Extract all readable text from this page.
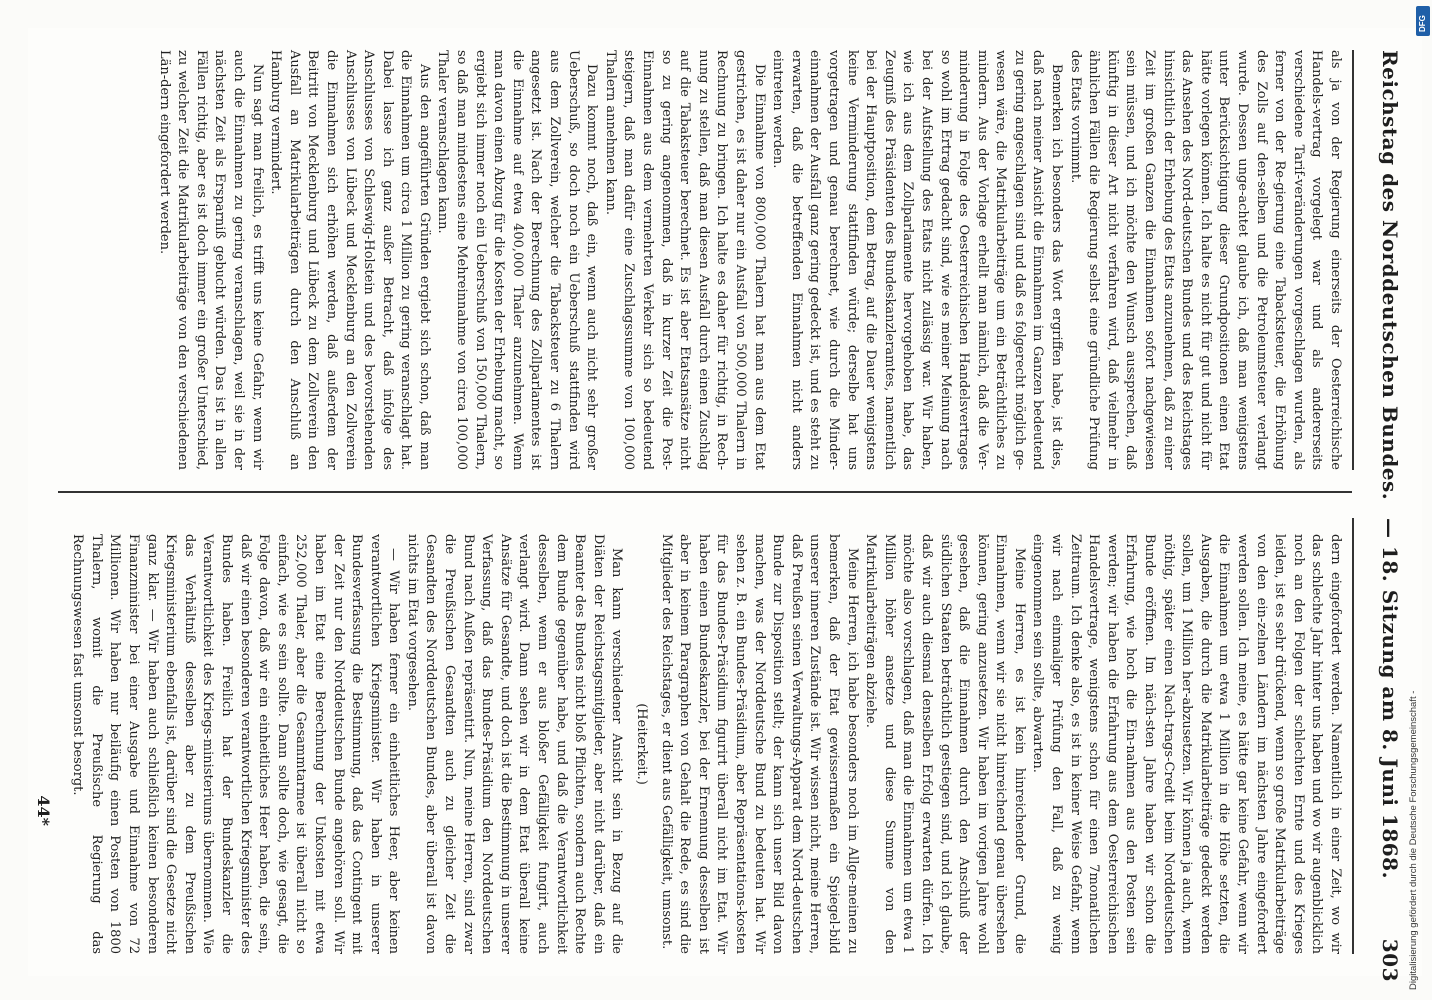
Reichstag des Norddeutschen Bundes.
— 18. Sitzung am 8. Juni 1868.        303

als ja von der Regierung einerseits der Oesterreichische Handels-vertrag vorgelegt war und als andererseits verschiedene Tarif-veränderungen vorgeschlagen wurden, als ferner von der Re-gierung eine Tabacksteuer, die Erhöhung des Zolls auf den-selben und die Petroleumsteuer verlangt wurde. Dessen unge-achtet glaube ich, daß man wenigstens unter Berücksichtigung dieser Grundpositionen einen Etat hätte vorlegen können. Ich halte es nicht für gut und nicht für das Ansehen des Nord-deutschen Bundes und des Reichstages hinsichtlich der Erhebung des Etats anzunehmen, daß zu einer Zeit im großen Ganzen die Einnahmen sofort nachgewiesen sein müssen, und ich möchte den Wunsch aussprechen, daß künftig in dieser Art nicht verfahren wird, daß vielmehr in ähnlichen Fällen die Regierung selbst eine gründliche Prüfung des Etats vornimmt.

Bemerken ich besonders das Wort ergriffen habe, ist dies, daß nach meiner Ansicht die Einnahmen im Ganzen bedeutend zu gering angeschlagen sind und daß es folgerecht möglich ge-wesen wäre, die Matrikularbeiträge um ein Beträchtliches zu mindern. Aus der Vorlage erhellt man nämlich, daß die Ver-minderung in Folge des Oesterreichischen Handelsvertrages so wohl im Ertrag gedacht sind, wie es meiner Meinung nach bei der Aufstellung des Etats nicht zulässig war. Wir haben, wie ich aus dem Zollparlamente hervorgehoben habe, das Zeugniß des Präsidenten des Bundeskanzleramtes, namentlich bei der Hauptposition, dem Betrag, auf die Dauer wenigstens keine Verminderung stattfinden würde; derselbe hat uns vorgetragen und genau berechnet, wie durch die Minder-einnahmen der Ausfall ganz gering gedeckt ist, und es steht zu erwarten, daß die betreffenden Einnahmen nicht anders eintreten werden.

Die Einnahme von 800,000 Thalern hat man aus dem Etat gestrichen, es ist daher nur ein Ausfall von 500,000 Thalern in Rechnung zu bringen. Ich halte es daher für richtig, in Rech-nung zu stellen, daß man diesen Ausfall durch einen Zuschlag auf die Tabaksteuer berechnet. Es ist aber Etatsansätze nicht so zu gering angenommen, daß in kurzer Zeit die Post-Einnahmen aus dem vermehrten Verkehr sich so bedeutend steigern, daß man dafür eine Zuschlagssumme von 100,000 Thalern annehmen kann.

Dazu kommt noch, daß ein, wenn auch nicht sehr großer Ueberschuß, so doch noch ein Ueberschuß stattfinden wird aus dem Zollverein, welcher die Tabacksteuer zu 6 Thalern angesetzt ist. Nach der Berechnung des Zollparlamentes ist die Einnahme auf etwa 400,000 Thaler anzunehmen. Wenn man davon einen Abzug für die Kosten der Erhebung macht, so ergiebt sich immer noch ein Ueberschuß von 150,000 Thalern, so daß man mindestens eine Mehreinnahme von circa 100,000 Thaler veranschlagen kann.

Aus den angeführten Gründen ergiebt sich schon, daß man die Einnahmen um circa 1 Million zu gering veranschlagt hat. Dabei lasse ich ganz außer Betracht, daß infolge des Anschlusses von Schleswig-Holstein und des bevorstehenden Anschlusses von Lübeck und Mecklenburg an den Zollverein die Einnahmen sich erhöhen werden, daß außerdem der Beitritt von Mecklenburg und Lübeck zu dem Zollverein den Ausfall an Matrikularbeiträgen durch den Anschluß an Hamburg vermindert.

Nun sagt man freilich, es trifft uns keine Gefahr, wenn wir auch die Einnahmen zu gering veranschlagen, weil sie in der nächsten Zeit als Ersparniß gebucht würden. Das ist in allen Fällen richtig, aber es ist doch immer ein großer Unterschied, zu welcher Zeit die Matrikularbeiträge von den verschiedenen Län-dern eingefordert werden.

dern eingefordert werden. Namentlich in einer Zeit, wo wir das schlechte Jahr hinter uns haben und wo wir augenblicklich noch an den Folgen der schlechten Ernte und des Krieges leiden, ist es sehr drückend, wenn so große Matrikularbeiträge von den ein-zelnen Ländern im nächsten Jahre eingefordert werden sollen. Ich meine, es hätte gar keine Gefahr, wenn wir die Einnahmen um etwa 1 Million in die Höhe setzten, die Ausgaben, die durch die Matrikularbeiträge gedeckt werden sollen, um 1 Million her-abzusetzen. Wir können ja auch, wenn nöthig, später einen Nach-trags-Credit beim Norddeutschen Bunde eröffnen. Im näch-sten Jahre haben wir schon die Erfahrung, wie hoch die Ein-nahmen aus den Posten sein werden; wir haben die Erfahrung aus dem Oesterreichischen Handelsvertrage, wenigstens schon für einen 7monatlichen Zeitraum. Ich denke also, es ist in keiner Weise Gefahr, wenn wir nach einmaliger Prüfung den Fall, daß zu wenig eingenommen sein sollte, abwarten.

Meine Herren, es ist kein hinreichender Grund, die Einnahmen, wenn wir sie nicht hinreichend genau übersehen können, gering anzusetzen. Wir haben im vorigen Jahre wohl gesehen, daß die Einnahmen durch den Anschluß der südlichen Staaten beträchtlich gestiegen sind, und ich glaube, daß wir auch diesmal denselben Erfolg erwarten dürfen. Ich möchte also vorschlagen, daß man die Einnahmen um etwa 1 Million höher ansetze und diese Summe von den Matrikularbeiträgen abziehe.

Meine Herren, ich habe besonders noch im Allge-meinen zu bemerken, daß der Etat gewissermaßen ein Spiegel-bild unserer inneren Zustände ist. Wir wissen nicht, meine Herren, daß Preußen seinen Verwaltungs-Apparat dem Nord-deutschen Bunde zur Disposition stellt; der kann sich unser Bild davon machen, was der Norddeutsche Bund zu bedeuten hat. Wir sehen z. B. ein Bundes-Präsidium, aber Repräsentations-kosten für das Bundes-Präsidium figurirt überall nicht im Etat. Wir haben einen Bundeskanzler, bei der Ernennung desselben ist aber in keinem Paragraphen von Gehalt die Rede, es sind die Mitglieder des Reichstages, er dient aus Gefälligkeit, umsonst.

(Heiterkeit.)

Man kann verschiedener Ansicht sein in Bezug auf die Diäten der Reichstagsmitglieder, aber nicht darüber, daß ein Beamter des Bundes nicht bloß Pflichten, sondern auch Rechte dem Bunde gegenüber habe, und daß die Verantwortlichkeit desselben, wenn er aus bloßer Gefälligkeit fungirt, auch verlangt wird. Dann sehen wir in dem Etat überall keine Ansätze für Gesandte, und doch ist die Bestimmung in unserer Verfassung, daß das Bundes-Präsidium den Norddeutschen Bund nach Außen repräsentirt. Nun, meine Herren, sind zwar die Preußischen Gesandten auch zu gleicher Zeit die Gesandten des Norddeutschen Bundes, aber überall ist davon nichts im Etat vorgesehen.

— Wir haben ferner ein einheitliches Heer, aber keinen verantwortlichen Kriegsminister. Wir haben in unserer Bundesverfassung die Bestimmung, daß das Contingent mit der Zeit nur den Norddeutschen Bunde angehören soll. Wir haben im Etat eine Berechnung der Unkosten mit etwa 252,000 Thaler, aber die Gesammtarmee ist überall nicht so einfach, wie es sein sollte. Dann sollte doch, wie gesagt, die Folge davon, daß wir ein einheitliches Heer haben, die sein, daß wir einen besonderen verantwortlichen Kriegsminister des Bundes haben. Freilich hat der Bundeskanzler die Verantwortlichkeit des Kriegs-ministeriums übernommen. Wie das Verhältniß desselben aber zu dem Preußischen Kriegsministerium ebenfalls ist, darüber sind die Gesetze nicht ganz klar. — Wir haben auch schließlich keinen besonderen Finanzminister bei einer Ausgabe und Einnahme von 72 Millionen. Wir haben nur beiläufig einen Posten von 1800 Thalern, womit die Preußische Regierung das Rechnungswesen fast umsonst besorgt.

44*	Digitalisierung gefördert durch die Deutsche Forschungsgemeinschaft -
DFG
